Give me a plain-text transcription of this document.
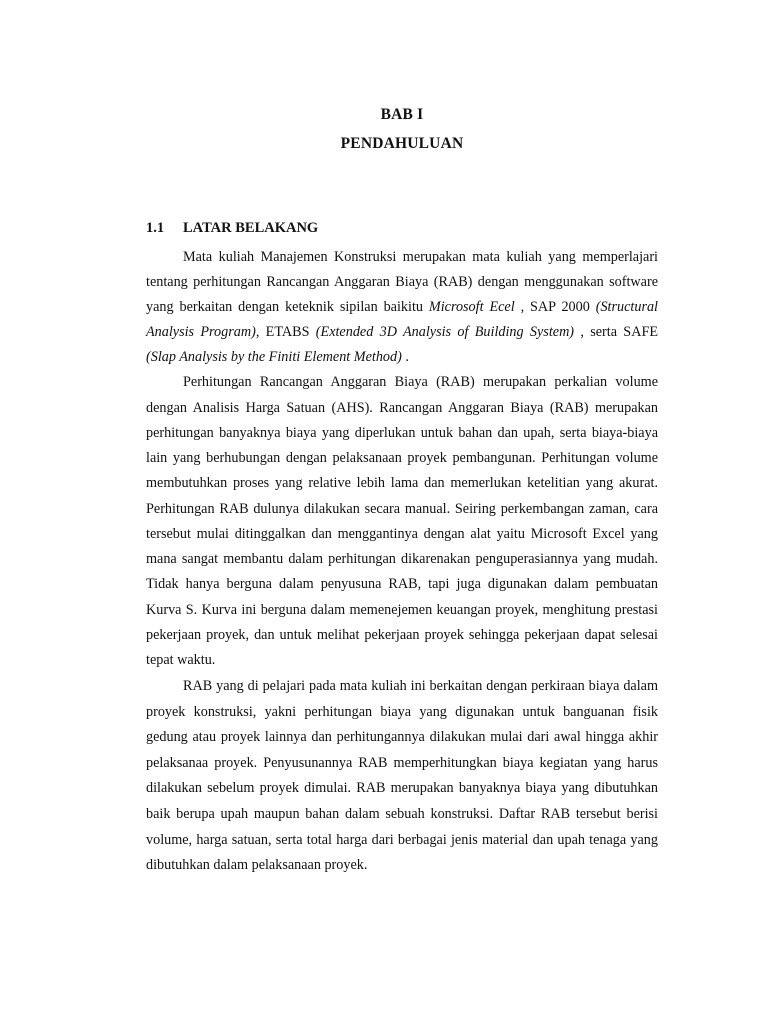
BAB I
PENDAHULUAN
1.1 LATAR BELAKANG

Mata kuliah Manajemen Konstruksi merupakan mata kuliah yang memperlajari tentang perhitungan Rancangan Anggaran Biaya (RAB) dengan menggunakan software yang berkaitan dengan keteknik sipilan baikitu Microsoft Ecel , SAP 2000 (Structural Analysis Program), ETABS (Extended 3D Analysis of Building System) , serta SAFE (Slap Analysis by the Finiti Element Method) .

Perhitungan Rancangan Anggaran Biaya (RAB) merupakan perkalian volume dengan Analisis Harga Satuan (AHS). Rancangan Anggaran Biaya (RAB) merupakan perhitungan banyaknya biaya yang diperlukan untuk bahan dan upah, serta biaya-biaya lain yang berhubungan dengan pelaksanaan proyek pembangunan. Perhitungan volume membutuhkan proses yang relative lebih lama dan memerlukan ketelitian yang akurat. Perhitungan RAB dulunya dilakukan secara manual. Seiring perkembangan zaman, cara tersebut mulai ditinggalkan dan menggantinya dengan alat yaitu Microsoft Excel yang mana sangat membantu dalam perhitungan dikarenakan penguperasiannya yang mudah. Tidak hanya berguna dalam penyusuna RAB, tapi juga digunakan dalam pembuatan Kurva S. Kurva ini berguna dalam memenejemen keuangan proyek, menghitung prestasi pekerjaan proyek, dan untuk melihat pekerjaan proyek sehingga pekerjaan dapat selesai tepat waktu.

RAB yang di pelajari pada mata kuliah ini berkaitan dengan perkiraan biaya dalam proyek konstruksi, yakni perhitungan biaya yang digunakan untuk banguanan fisik gedung atau proyek lainnya dan perhitungannya dilakukan mulai dari awal hingga akhir pelaksanaa proyek. Penyusunannya RAB memperhitungkan biaya kegiatan yang harus dilakukan sebelum proyek dimulai. RAB merupakan banyaknya biaya yang dibutuhkan baik berupa upah maupun bahan dalam sebuah konstruksi. Daftar RAB tersebut berisi volume, harga satuan, serta total harga dari berbagai jenis material dan upah tenaga yang dibutuhkan dalam pelaksanaan proyek.
